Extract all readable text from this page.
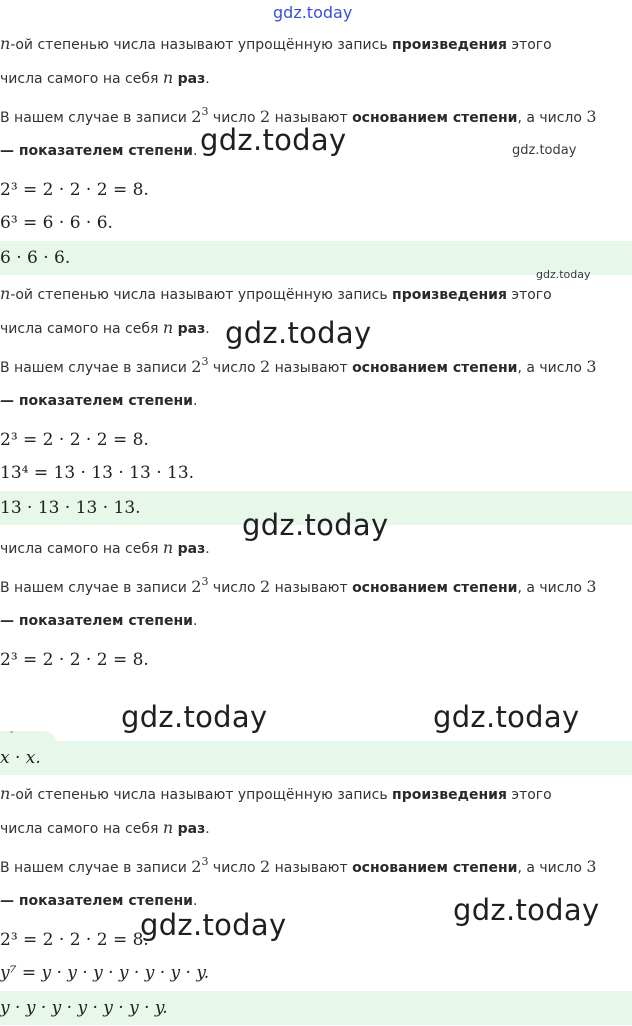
gdz.today
n-ой степенью числа называют упрощённую запись произведения этого
числа самого на себя n раз.
В нашем случае в записи $2^3$ число 2 называют основанием степени, а число 3
— показателем степени.
2³ = 2 · 2 · 2 = 8.
6³ = 6 · 6 · 6.
6 · 6 · 6.
n-ой степенью числа называют упрощённую запись произведения этого
числа самого на себя n раз.
В нашем случае в записи $2^3$ число 2 называют основанием степени, а число 3
— показателем степени.
2³ = 2 · 2 · 2 = 8.
13⁴ = 13 · 13 · 13 · 13.
13 · 13 · 13 · 13.
числа самого на себя n раз.
В нашем случае в записи $2^3$ число 2 называют основанием степени, а число 3
— показателем степени.
2³ = 2 · 2 · 2 = 8.
-
x · x.
n-ой степенью числа называют упрощённую запись произведения этого
числа самого на себя n раз.
В нашем случае в записи $2^3$ число 2 называют основанием степени, а число 3
— показателем степени.
2³ = 2 · 2 · 2 = 8.
y⁷ = y · y · y · y · y · y · y.
y · y · y · y · y · y · y.
gdz.today	gdz.today
gdz.today
gdz.today
gdz.today
gdz.today	gdz.today
gdz.today
gdz.today
